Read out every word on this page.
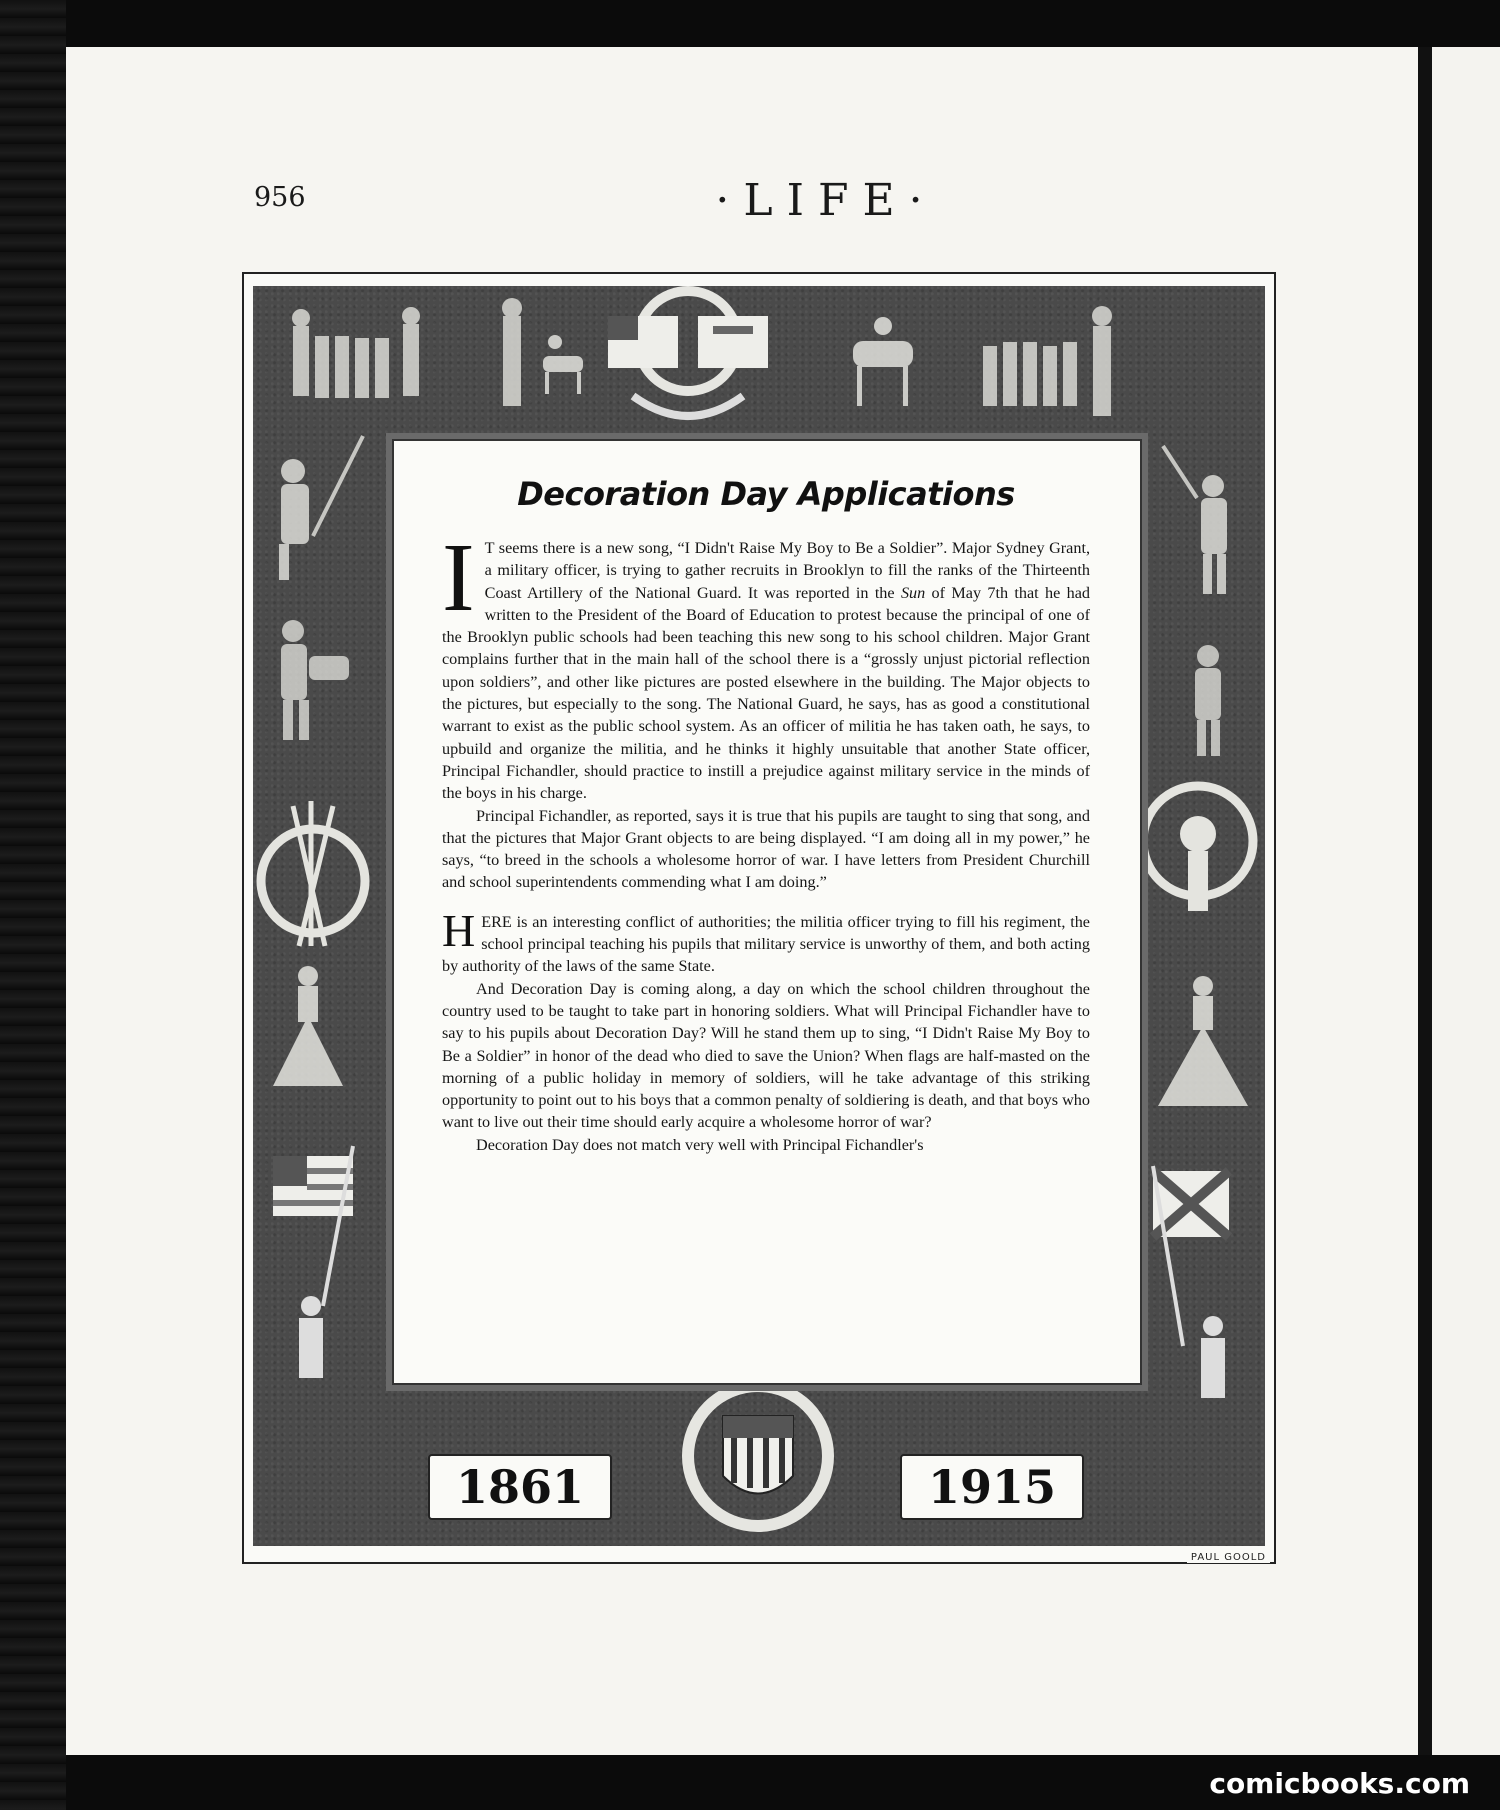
956	·LIFE·
Decoration Day Applications

I T seems there is a new song, “I Didn't Raise My Boy to Be a Soldier”. Major Sydney Grant, a military officer, is trying to gather recruits in Brooklyn to fill the ranks of the Thirteenth Coast Artillery of the National Guard. It was reported in the Sun of May 7th that he had written to the President of the Board of Education to protest because the principal of one of the Brooklyn public schools had been teaching this new song to his school children. Major Grant complains further that in the main hall of the school there is a “grossly unjust pictorial reflection upon soldiers”, and other like pictures are posted elsewhere in the building. The Major objects to the pictures, but especially to the song. The National Guard, he says, has as good a constitutional warrant to exist as the public school system. As an officer of militia he has taken oath, he says, to upbuild and organize the militia, and he thinks it highly unsuitable that another State officer, Principal Fichandler, should practice to instill a prejudice against military service in the minds of the boys in his charge.

Principal Fichandler, as reported, says it is true that his pupils are taught to sing that song, and that the pictures that Major Grant objects to are being displayed. “I am doing all in my power,” he says, “to breed in the schools a wholesome horror of war. I have letters from President Churchill and school superintendents commending what I am doing.”

HERE is an interesting conflict of authorities; the militia officer trying to fill his regiment, the school principal teaching his pupils that military service is unworthy of them, and both acting by authority of the laws of the same State.

And Decoration Day is coming along, a day on which the school children throughout the country used to be taught to take part in honoring soldiers. What will Principal Fichandler have to say to his pupils about Decoration Day? Will he stand them up to sing, “I Didn't Raise My Boy to Be a Soldier” in honor of the dead who died to save the Union? When flags are half-masted on the morning of a public holiday in memory of soldiers, will he take advantage of this striking opportunity to point out to his boys that a common penalty of soldiering is death, and that boys who want to live out their time should early acquire a wholesome horror of war?

Decoration Day does not match very well with Principal Fichandler's

1861	1915

PAUL GOOLD

comicbooks.com
